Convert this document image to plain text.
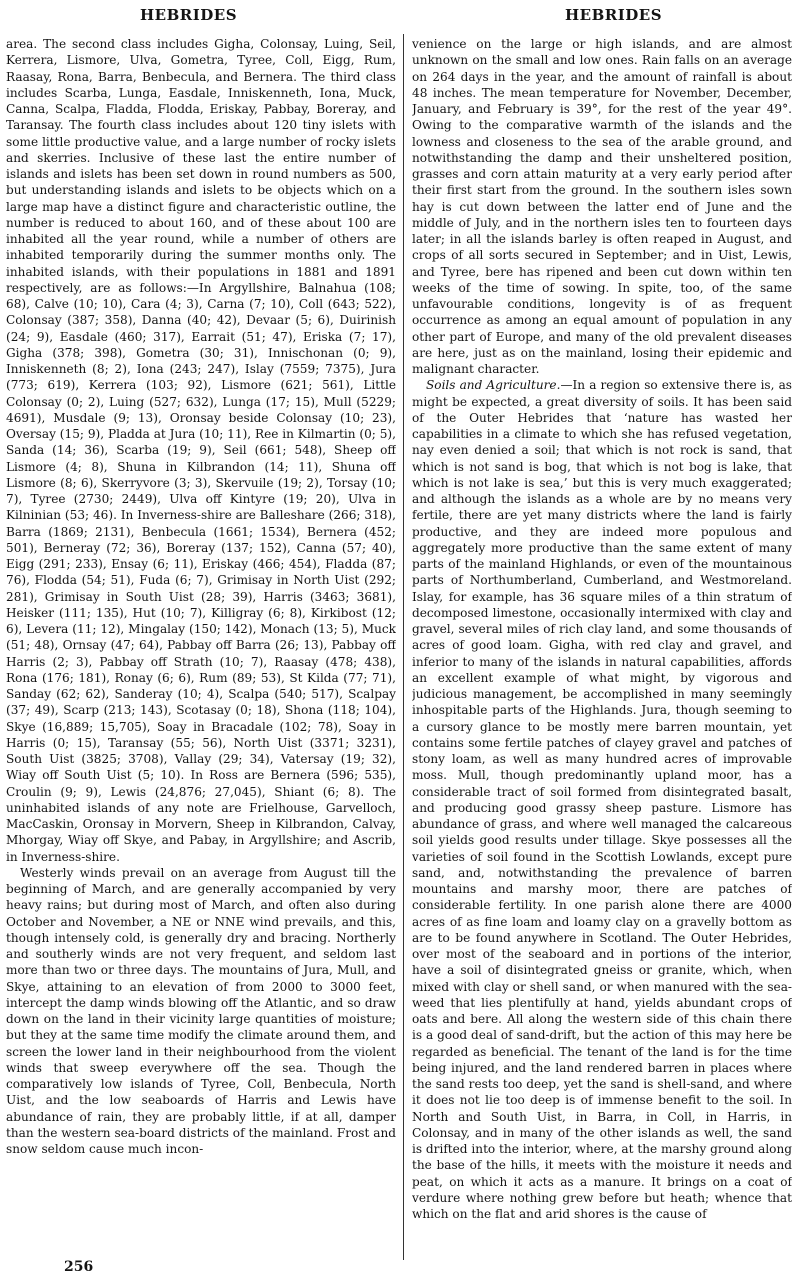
HEBRIDES	HEBRIDES

area. The second class includes Gigha, Colonsay, Luing, Seil, Kerrera, Lismore, Ulva, Gometra, Tyree, Coll, Eigg, Rum, Raasay, Rona, Barra, Benbecula, and Bernera. The third class includes Scarba, Lunga, Easdale, Inniskenneth, Iona, Muck, Canna, Scalpa, Fladda, Flodda, Eriskay, Pabbay, Boreray, and Taransay. The fourth class includes about 120 tiny islets with some little productive value, and a large number of rocky islets and skerries. Inclusive of these last the entire number of islands and islets has been set down in round numbers as 500, but understanding islands and islets to be objects which on a large map have a distinct figure and characteristic outline, the number is reduced to about 160, and of these about 100 are inhabited all the year round, while a number of others are inhabited temporarily during the summer months only. The inhabited islands, with their populations in 1881 and 1891 respectively, are as follows:—In Argyllshire, Balnahua (108; 68), Calve (10; 10), Cara (4; 3), Carna (7; 10), Coll (643; 522), Colonsay (387; 358), Danna (40; 42), Devaar (5; 6), Duirinish (24; 9), Easdale (460; 317), Earrait (51; 47), Eriska (7; 17), Gigha (378; 398), Gometra (30; 31), Innischonan (0; 9), Inniskenneth (8; 2), Iona (243; 247), Islay (7559; 7375), Jura (773; 619), Kerrera (103; 92), Lismore (621; 561), Little Colonsay (0; 2), Luing (527; 632), Lunga (17; 15), Mull (5229; 4691), Musdale (9; 13), Oronsay beside Colonsay (10; 23), Oversay (15; 9), Pladda at Jura (10; 11), Ree in Kilmartin (0; 5), Sanda (14; 36), Scarba (19; 9), Seil (661; 548), Sheep off Lismore (4; 8), Shuna in Kilbrandon (14; 11), Shuna off Lismore (8; 6), Skerryvore (3; 3), Skervuile (19; 2), Torsay (10; 7), Tyree (2730; 2449), Ulva off Kintyre (19; 20), Ulva in Kilninian (53; 46). In Inverness-shire are Balleshare (266; 318), Barra (1869; 2131), Benbecula (1661; 1534), Bernera (452; 501), Berneray (72; 36), Boreray (137; 152), Canna (57; 40), Eigg (291; 233), Ensay (6; 11), Eriskay (466; 454), Fladda (87; 76), Flodda (54; 51), Fuda (6; 7), Grimisay in North Uist (292; 281), Grimisay in South Uist (28; 39), Harris (3463; 3681), Heisker (111; 135), Hut (10; 7), Killigray (6; 8), Kirkibost (12; 6), Levera (11; 12), Mingalay (150; 142), Monach (13; 5), Muck (51; 48), Ornsay (47; 64), Pabbay off Barra (26; 13), Pabbay off Harris (2; 3), Pabbay off Strath (10; 7), Raasay (478; 438), Rona (176; 181), Ronay (6; 6), Rum (89; 53), St Kilda (77; 71), Sanday (62; 62), Sanderay (10; 4), Scalpa (540; 517), Scalpay (37; 49), Scarp (213; 143), Scotasay (0; 18), Shona (118; 104), Skye (16,889; 15,705), Soay in Bracadale (102; 78), Soay in Harris (0; 15), Taransay (55; 56), North Uist (3371; 3231), South Uist (3825; 3708), Vallay (29; 34), Vatersay (19; 32), Wiay off South Uist (5; 10). In Ross are Bernera (596; 535), Croulin (9; 9), Lewis (24,876; 27,045), Shiant (6; 8). The uninhabited islands of any note are Frielhouse, Garvelloch, MacCaskin, Oronsay in Morvern, Sheep in Kilbrandon, Calvay, Mhorgay, Wiay off Skye, and Pabay, in Argyllshire; and Ascrib, in Inverness-shire.

Westerly winds prevail on an average from August till the beginning of March, and are generally accompanied by very heavy rains; but during most of March, and often also during October and November, a NE or NNE wind prevails, and this, though intensely cold, is generally dry and bracing. Northerly and southerly winds are not very frequent, and seldom last more than two or three days. The mountains of Jura, Mull, and Skye, attaining to an elevation of from 2000 to 3000 feet, intercept the damp winds blowing off the Atlantic, and so draw down on the land in their vicinity large quantities of moisture; but they at the same time modify the climate around them, and screen the lower land in their neighbourhood from the violent winds that sweep everywhere off the sea. Though the comparatively low islands of Tyree, Coll, Benbecula, North Uist, and the low seaboards of Harris and Lewis have abundance of rain, they are probably little, if at all, damper than the western sea-board districts of the mainland. Frost and snow seldom cause much incon-

venience on the large or high islands, and are almost unknown on the small and low ones. Rain falls on an average on 264 days in the year, and the amount of rainfall is about 48 inches. The mean temperature for November, December, January, and February is 39°, for the rest of the year 49°. Owing to the comparative warmth of the islands and the lowness and closeness to the sea of the arable ground, and notwithstanding the damp and their unsheltered position, grasses and corn attain maturity at a very early period after their first start from the ground. In the southern isles sown hay is cut down between the latter end of June and the middle of July, and in the northern isles ten to fourteen days later; in all the islands barley is often reaped in August, and crops of all sorts secured in September; and in Uist, Lewis, and Tyree, bere has ripened and been cut down within ten weeks of the time of sowing. In spite, too, of the same unfavourable conditions, longevity is of as frequent occurrence as among an equal amount of population in any other part of Europe, and many of the old prevalent diseases are here, just as on the mainland, losing their epidemic and malignant character.

Soils and Agriculture.—In a region so extensive there is, as might be expected, a great diversity of soils. It has been said of the Outer Hebrides that ‘nature has wasted her capabilities in a climate to which she has refused vegetation, nay even denied a soil; that which is not rock is sand, that which is not sand is bog, that which is not bog is lake, that which is not lake is sea,’ but this is very much exaggerated; and although the islands as a whole are by no means very fertile, there are yet many districts where the land is fairly productive, and they are indeed more populous and aggregately more productive than the same extent of many parts of the mainland Highlands, or even of the mountainous parts of Northumberland, Cumberland, and Westmoreland. Islay, for example, has 36 square miles of a thin stratum of decomposed limestone, occasionally intermixed with clay and gravel, several miles of rich clay land, and some thousands of acres of good loam. Gigha, with red clay and gravel, and inferior to many of the islands in natural capabilities, affords an excellent example of what might, by vigorous and judicious management, be accomplished in many seemingly inhospitable parts of the Highlands. Jura, though seeming to a cursory glance to be mostly mere barren mountain, yet contains some fertile patches of clayey gravel and patches of stony loam, as well as many hundred acres of improvable moss. Mull, though predominantly upland moor, has a considerable tract of soil formed from disintegrated basalt, and producing good grassy sheep pasture. Lismore has abundance of grass, and where well managed the calcareous soil yields good results under tillage. Skye possesses all the varieties of soil found in the Scottish Lowlands, except pure sand, and, notwithstanding the prevalence of barren mountains and marshy moor, there are patches of considerable fertility. In one parish alone there are 4000 acres of as fine loam and loamy clay on a gravelly bottom as are to be found anywhere in Scotland. The Outer Hebrides, over most of the seaboard and in portions of the interior, have a soil of disintegrated gneiss or granite, which, when mixed with clay or shell sand, or when manured with the sea-weed that lies plentifully at hand, yields abundant crops of oats and bere. All along the western side of this chain there is a good deal of sand-drift, but the action of this may here be regarded as beneficial. The tenant of the land is for the time being injured, and the land rendered barren in places where the sand rests too deep, yet the sand is shell-sand, and where it does not lie too deep is of immense benefit to the soil. In North and South Uist, in Barra, in Coll, in Harris, in Colonsay, and in many of the other islands as well, the sand is drifted into the interior, where, at the marshy ground along the base of the hills, it meets with the moisture it needs and peat, on which it acts as a manure. It brings on a coat of verdure where nothing grew before but heath; whence that which on the flat and arid shores is the cause of

256
